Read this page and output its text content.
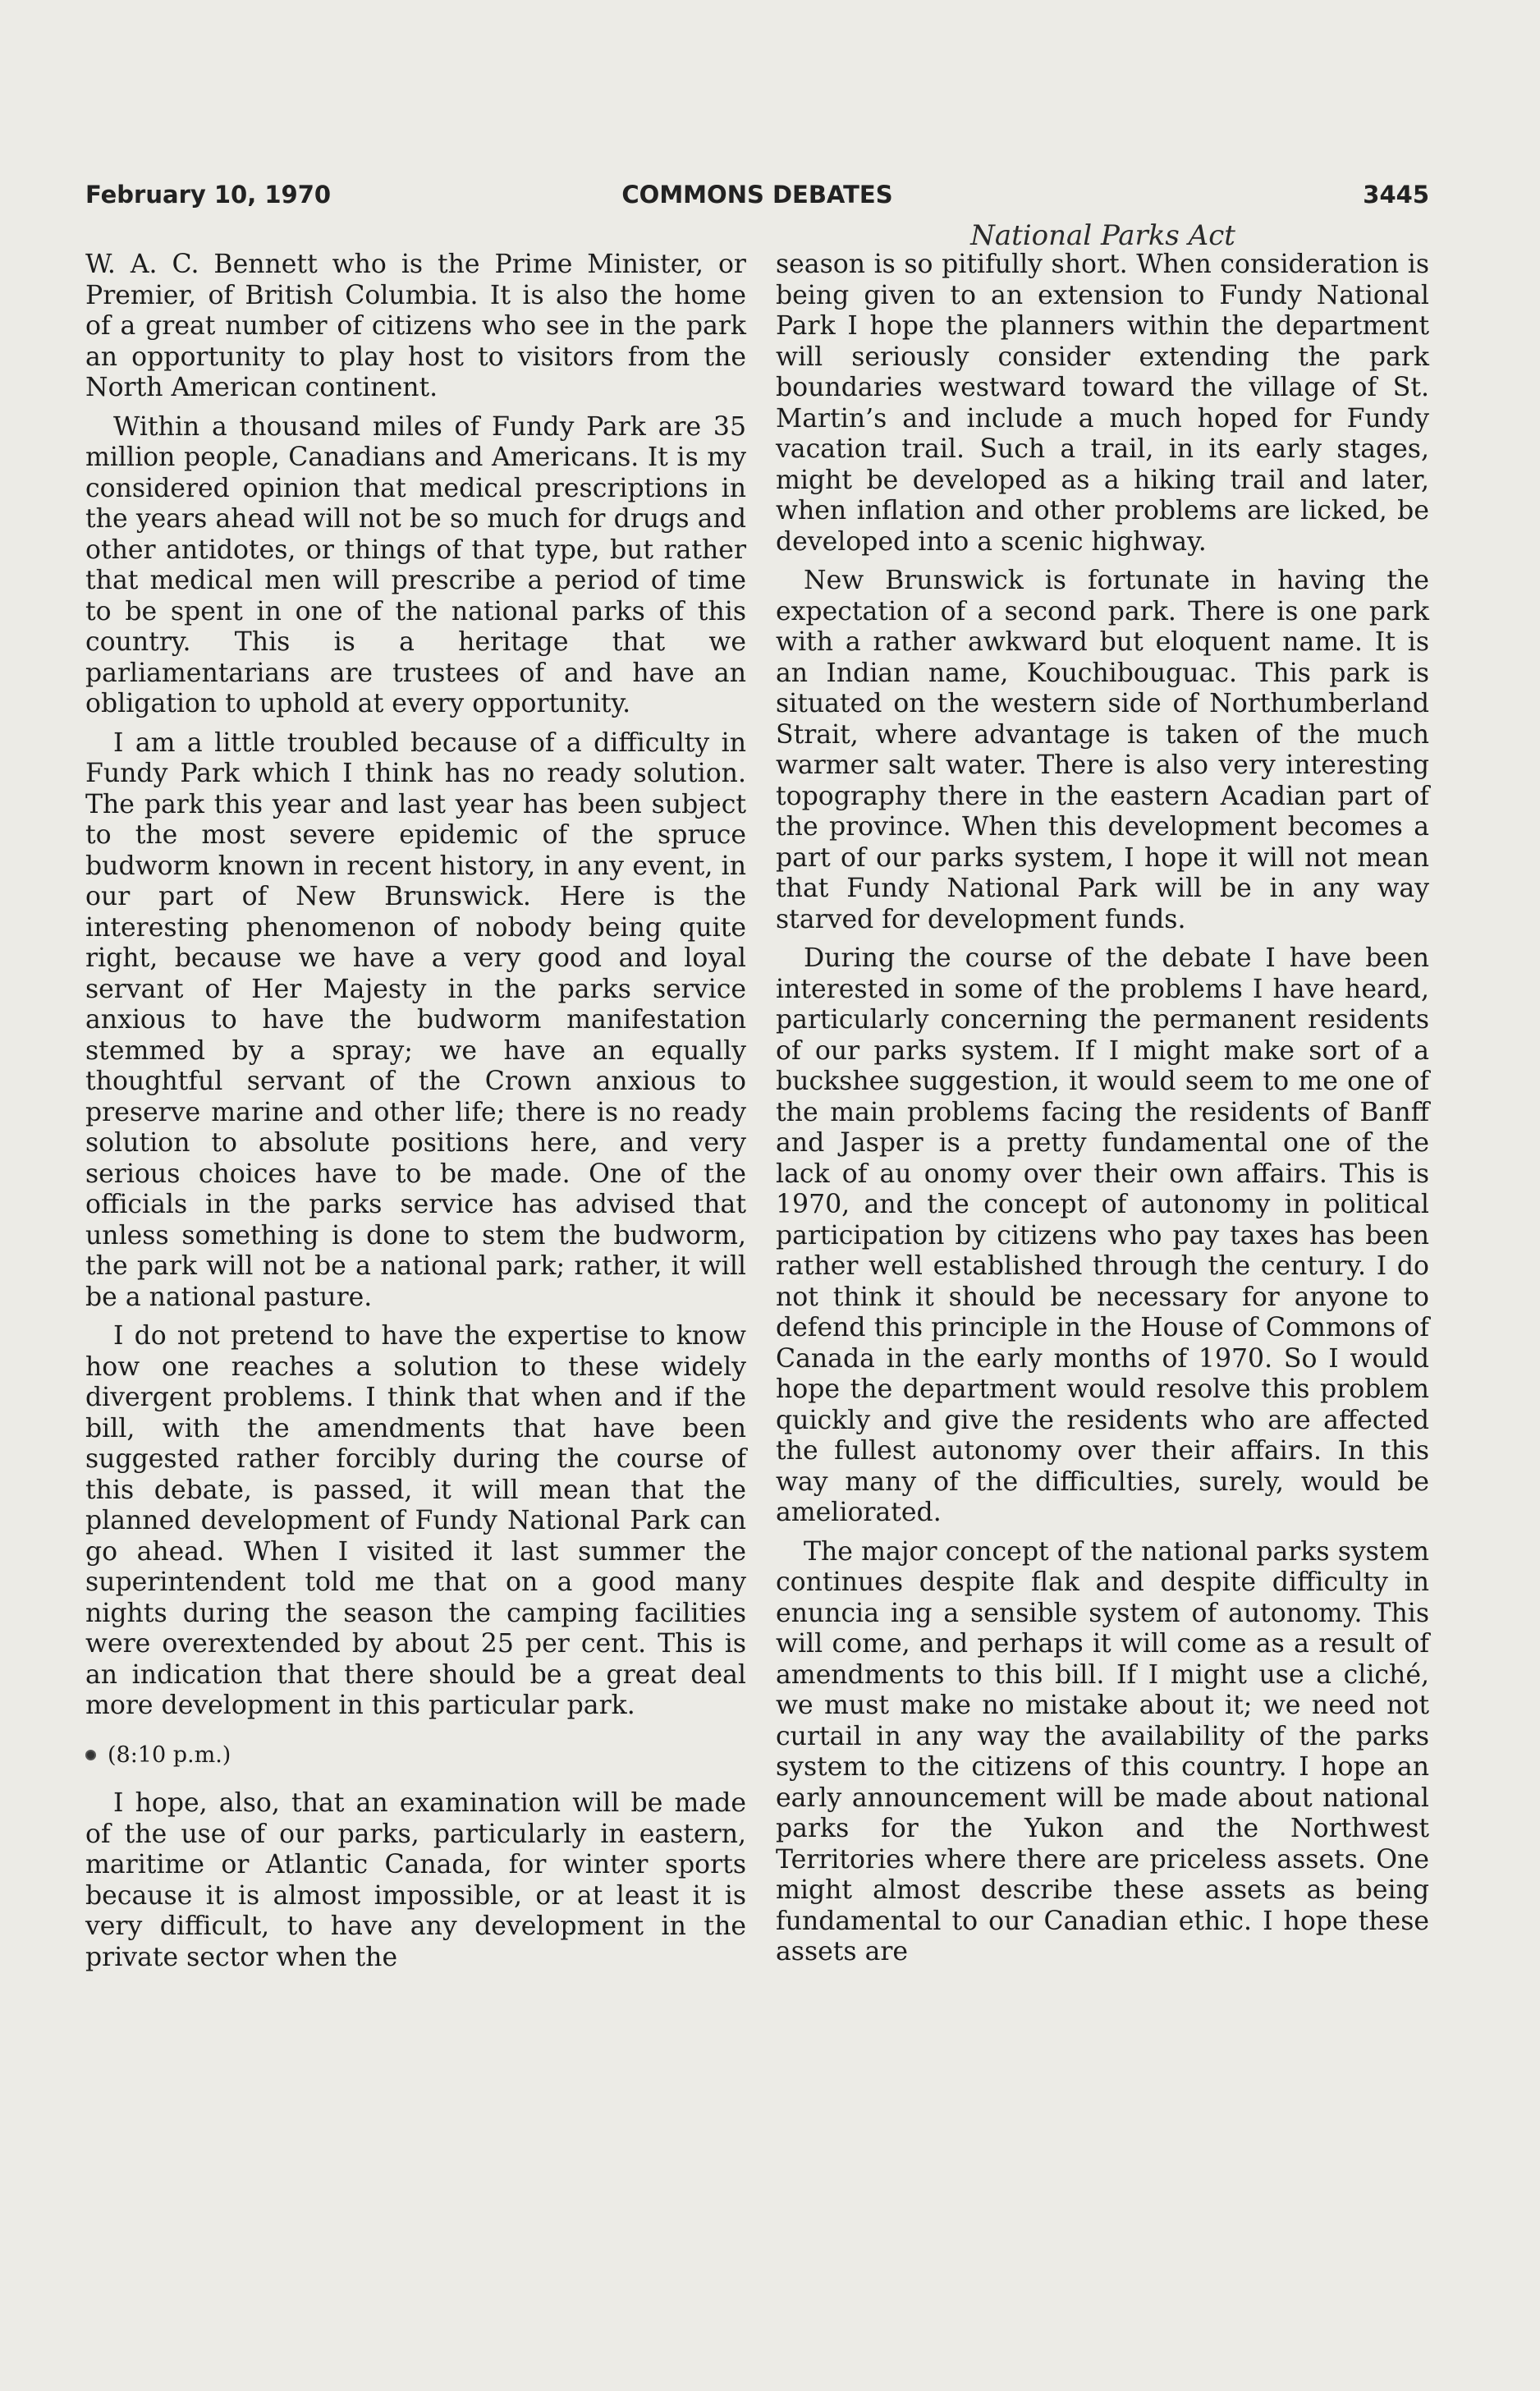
February 10, 1970	COMMONS DEBATES	3445
National Parks Act

W. A. C. Bennett who is the Prime Minister, or Premier, of British Columbia. It is also the home of a great number of citizens who see in the park an opportunity to play host to visitors from the North American continent.

Within a thousand miles of Fundy Park are 35 million people, Canadians and Americans. It is my considered opinion that medical prescriptions in the years ahead will not be so much for drugs and other antidotes, or things of that type, but rather that medical men will prescribe a period of time to be spent in one of the national parks of this country. This is a heritage that we parliamentarians are trustees of and have an obligation to uphold at every opportunity.

I am a little troubled because of a difficulty in Fundy Park which I think has no ready solution. The park this year and last year has been subject to the most severe epidemic of the spruce budworm known in recent history, in any event, in our part of New Brunswick. Here is the interesting phenomenon of nobody being quite right, because we have a very good and loyal servant of Her Majesty in the parks service anxious to have the budworm manifestation stemmed by a spray; we have an equally thoughtful servant of the Crown anxious to preserve marine and other life; there is no ready solution to absolute positions here, and very serious choices have to be made. One of the officials in the parks service has advised that unless something is done to stem the budworm, the park will not be a national park; rather, it will be a national pasture.

I do not pretend to have the expertise to know how one reaches a solution to these widely divergent problems. I think that when and if the bill, with the amendments that have been suggested rather forcibly during the course of this debate, is passed, it will mean that the planned development of Fundy National Park can go ahead. When I visited it last summer the superintendent told me that on a good many nights during the season the camping facilities were overextended by about 25 per cent. This is an indication that there should be a great deal more development in this particular park.

(8:10 p.m.)

I hope, also, that an examination will be made of the use of our parks, particularly in eastern, maritime or Atlantic Canada, for winter sports because it is almost impossible, or at least it is very difficult, to have any development in the private sector when the

season is so pitifully short. When consideration is being given to an extension to Fundy National Park I hope the planners within the department will seriously consider extending the park boundaries westward toward the village of St. Martin’s and include a much hoped for Fundy vacation trail. Such a trail, in its early stages, might be developed as a hiking trail and later, when inflation and other problems are licked, be developed into a scenic highway.

New Brunswick is fortunate in having the expectation of a second park. There is one park with a rather awkward but eloquent name. It is an Indian name, Kouchibouguac. This park is situated on the western side of Northumberland Strait, where advantage is taken of the much warmer salt water. There is also very interesting topography there in the eastern Acadian part of the province. When this development becomes a part of our parks system, I hope it will not mean that Fundy National Park will be in any way starved for development funds.

During the course of the debate I have been interested in some of the problems I have heard, particularly concerning the permanent residents of our parks system. If I might make sort of a buckshee suggestion, it would seem to me one of the main problems facing the residents of Banff and Jasper is a pretty fundamental one of the lack of au onomy over their own affairs. This is 1970, and the concept of autonomy in political participation by citizens who pay taxes has been rather well established through the century. I do not think it should be necessary for anyone to defend this principle in the House of Commons of Canada in the early months of 1970. So I would hope the department would resolve this problem quickly and give the residents who are affected the fullest autonomy over their affairs. In this way many of the difficulties, surely, would be ameliorated.

The major concept of the national parks system continues despite flak and despite difficulty in enuncia ing a sensible system of autonomy. This will come, and perhaps it will come as a result of amendments to this bill. If I might use a cliché, we must make no mistake about it; we need not curtail in any way the availability of the parks system to the citizens of this country. I hope an early announcement will be made about national parks for the Yukon and the Northwest Territories where there are priceless assets. One might almost describe these assets as being fundamental to our Canadian ethic. I hope these assets are
